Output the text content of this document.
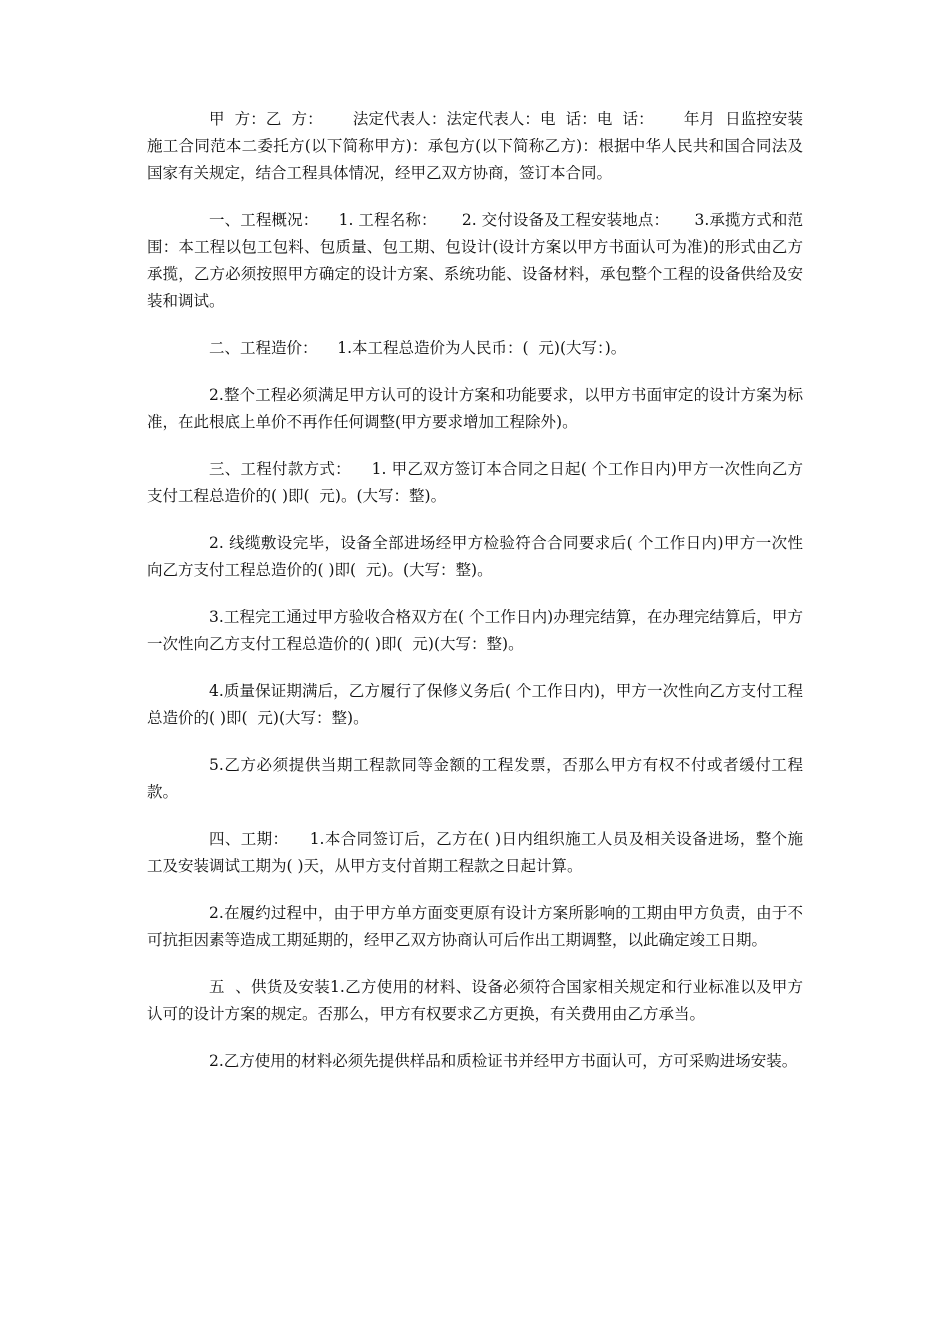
甲  方：乙  方：      法定代表人：法定代表人：电  话：电  话：      年月  日监控安装施工合同范本二委托方(以下简称甲方)：承包方(以下简称乙方)：根据中华人民共和国合同法及国家有关规定，结合工程具体情况，经甲乙双方协商，签订本合同。

一、工程概况：    1. 工程名称：     2. 交付设备及工程安装地点：     3.承揽方式和范围：本工程以包工包料、包质量、包工期、包设计(设计方案以甲方书面认可为准)的形式由乙方承揽，乙方必须按照甲方确定的设计方案、系统功能、设备材料，承包整个工程的设备供给及安装和调试。

二、工程造价：    1.本工程总造价为人民币：(  元)(大写：)。

2.整个工程必须满足甲方认可的设计方案和功能要求，以甲方书面审定的设计方案为标准，在此根底上单价不再作任何调整(甲方要求增加工程除外)。

三、工程付款方式：    1. 甲乙双方签订本合同之日起( 个工作日内)甲方一次性向乙方支付工程总造价的( )即(  元)。(大写：整)。

2. 线缆敷设完毕，设备全部进场经甲方检验符合合同要求后( 个工作日内)甲方一次性向乙方支付工程总造价的( )即(  元)。(大写：整)。

3.工程完工通过甲方验收合格双方在( 个工作日内)办理完结算，在办理完结算后，甲方一次性向乙方支付工程总造价的( )即(  元)(大写：整)。

4.质量保证期满后，乙方履行了保修义务后( 个工作日内)，甲方一次性向乙方支付工程总造价的( )即(  元)(大写：整)。

5.乙方必须提供当期工程款同等金额的工程发票，否那么甲方有权不付或者缓付工程款。

四、工期：    1.本合同签订后，乙方在( )日内组织施工人员及相关设备进场，整个施工及安装调试工期为( )天，从甲方支付首期工程款之日起计算。

2.在履约过程中，由于甲方单方面变更原有设计方案所影响的工期由甲方负责，由于不可抗拒因素等造成工期延期的，经甲乙双方协商认可后作出工期调整，以此确定竣工日期。

五  、供货及安装1.乙方使用的材料、设备必须符合国家相关规定和行业标准以及甲方认可的设计方案的规定。否那么，甲方有权要求乙方更换，有关费用由乙方承当。

2.乙方使用的材料必须先提供样品和质检证书并经甲方书面认可，方可采购进场安装。
